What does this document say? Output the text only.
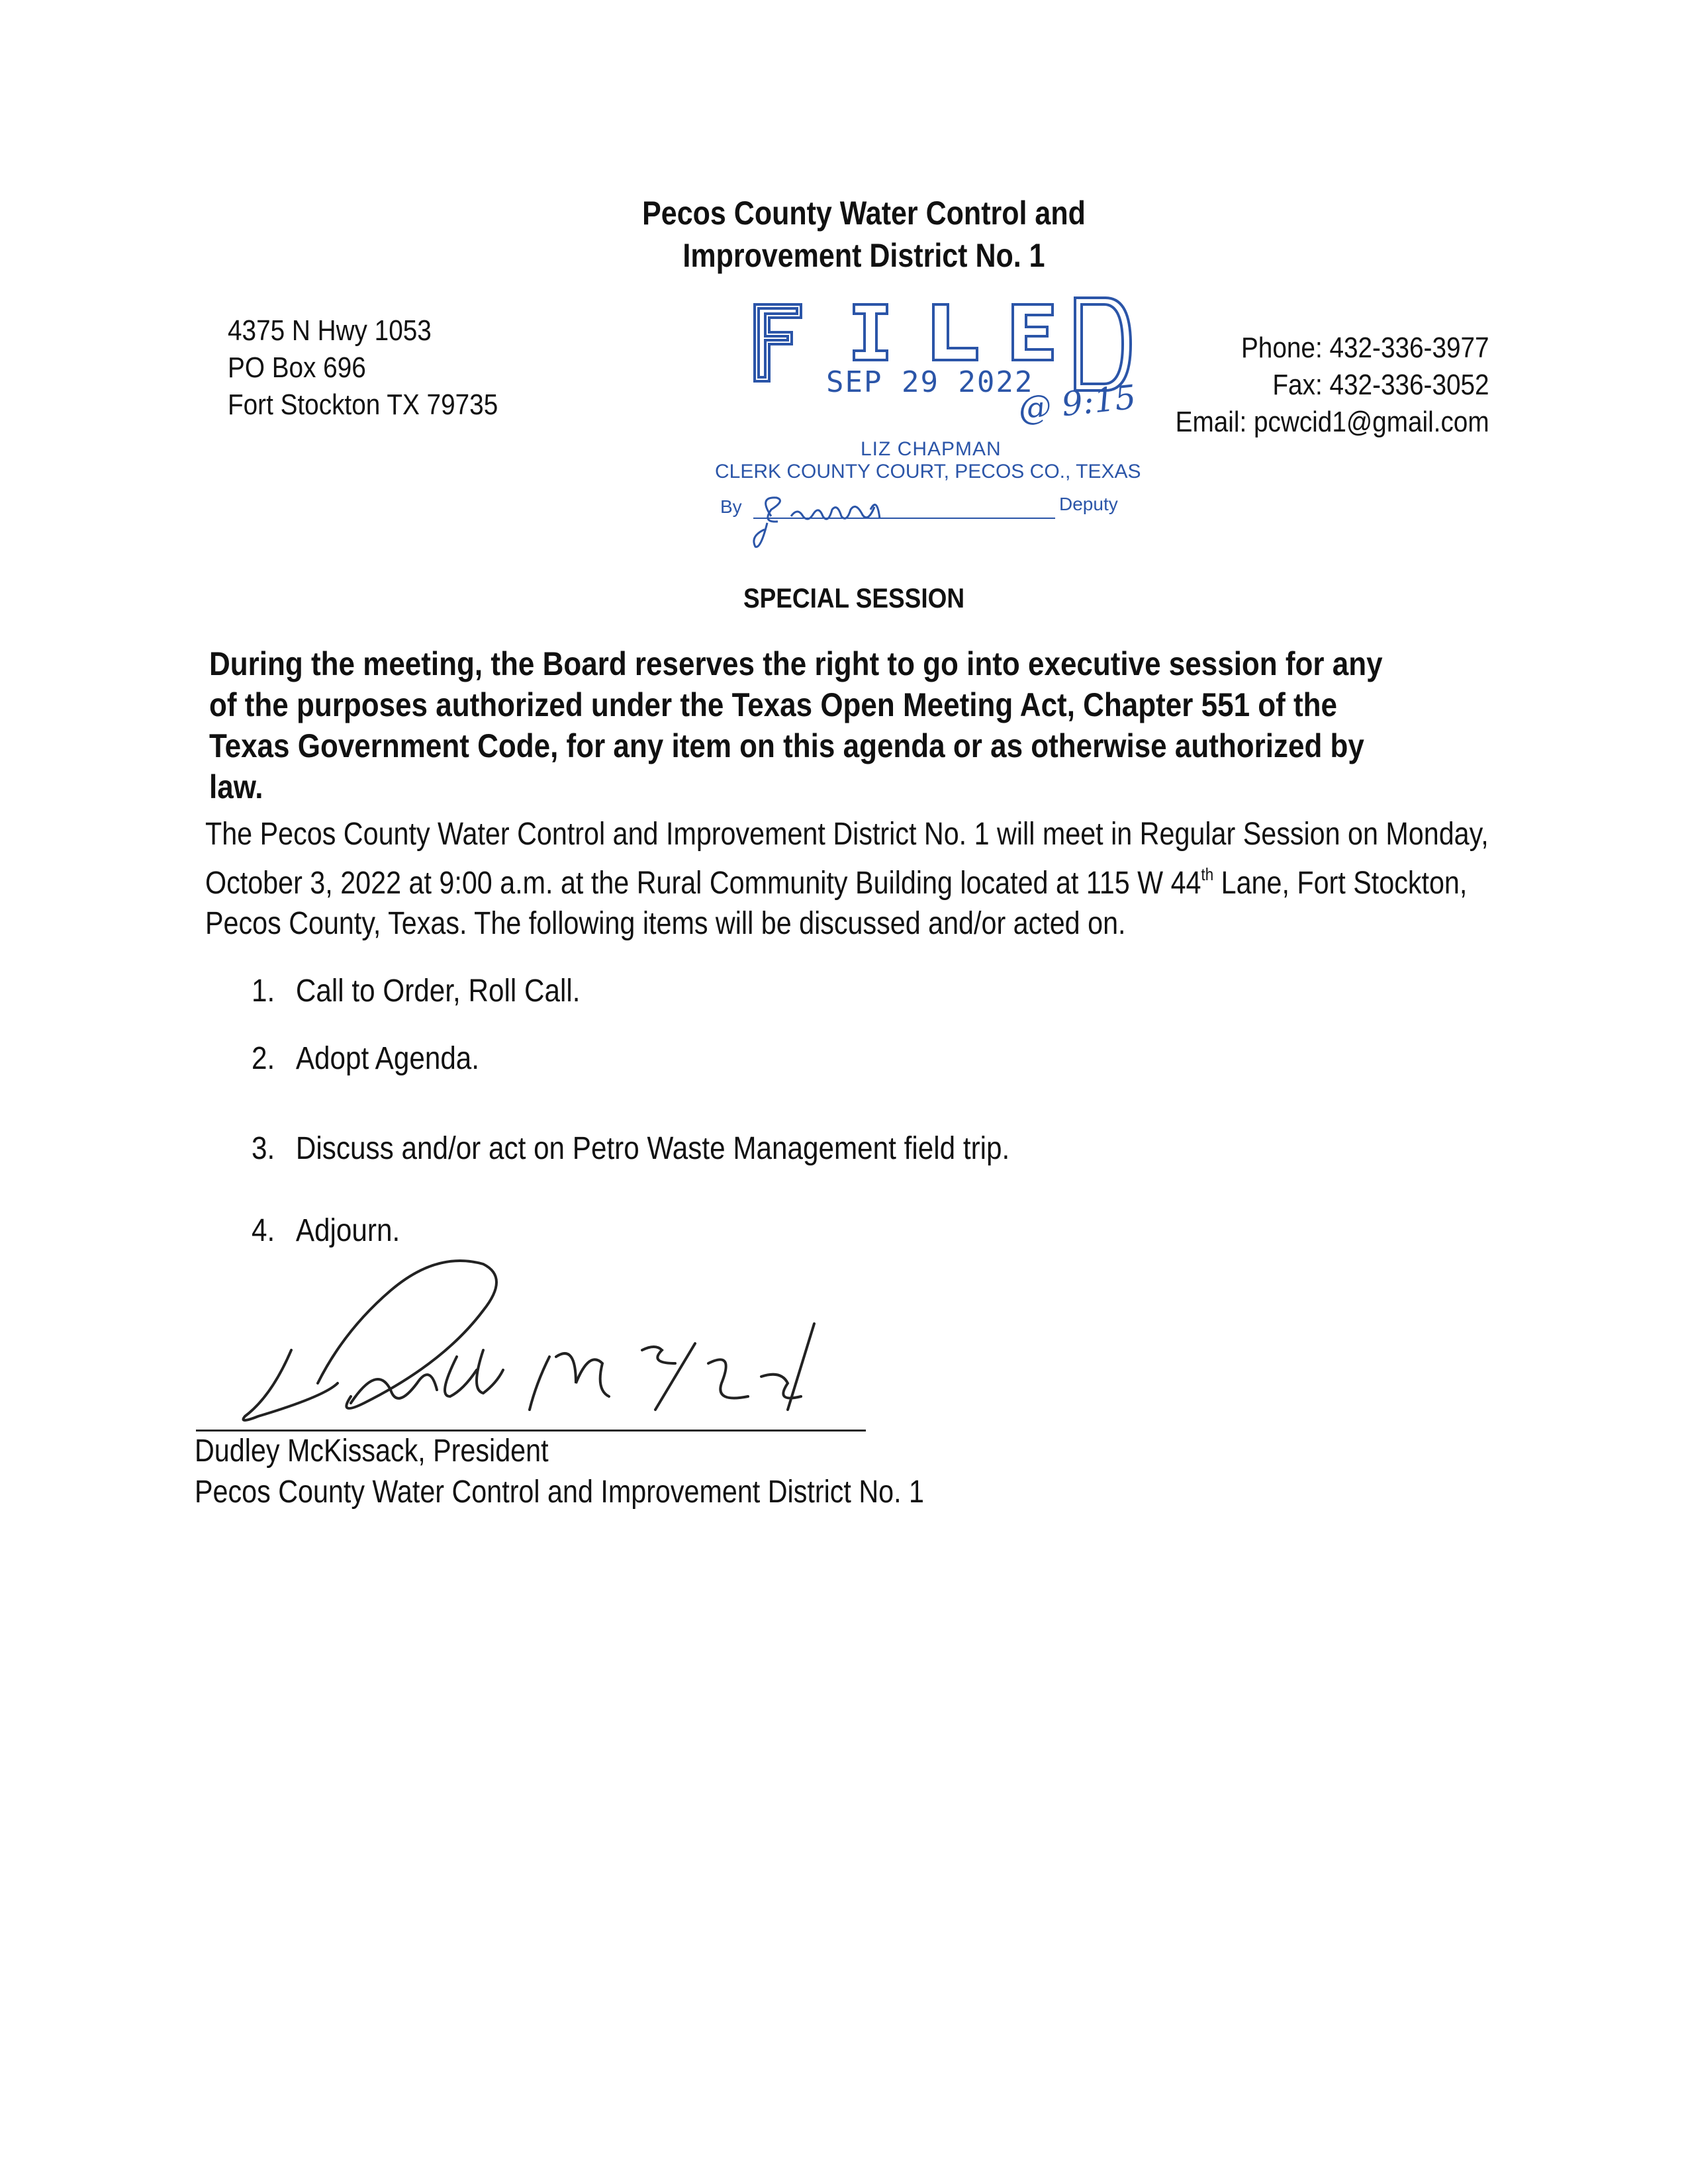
Pecos County Water Control and
Improvement District No. 1
4375 N Hwy 1053
PO Box 696
Fort Stockton TX 79735
Phone: 432-336-3977
Fax: 432-336-3052
Email: pcwcid1@gmail.com
SEP 29 2022
@ 9:15
LIZ CHAPMAN
CLERK COUNTY COURT, PECOS CO., TEXAS
By	Deputy
SPECIAL SESSION
During the meeting, the Board reserves the right to go into executive session for any of the purposes authorized under the Texas Open Meeting Act, Chapter 551 of the Texas Government Code, for any item on this agenda or as otherwise authorized by law.
The Pecos County Water Control and Improvement District No. 1 will meet in Regular Session on Monday, October 3, 2022 at 9:00 a.m. at the Rural Community Building located at 115 W 44th Lane, Fort Stockton, Pecos County, Texas. The following items will be discussed and/or acted on.
1. Call to Order, Roll Call.
2. Adopt Agenda.
3. Discuss and/or act on Petro Waste Management field trip.
4. Adjourn.
Dudley McKissack, President
Pecos County Water Control and Improvement District No. 1
